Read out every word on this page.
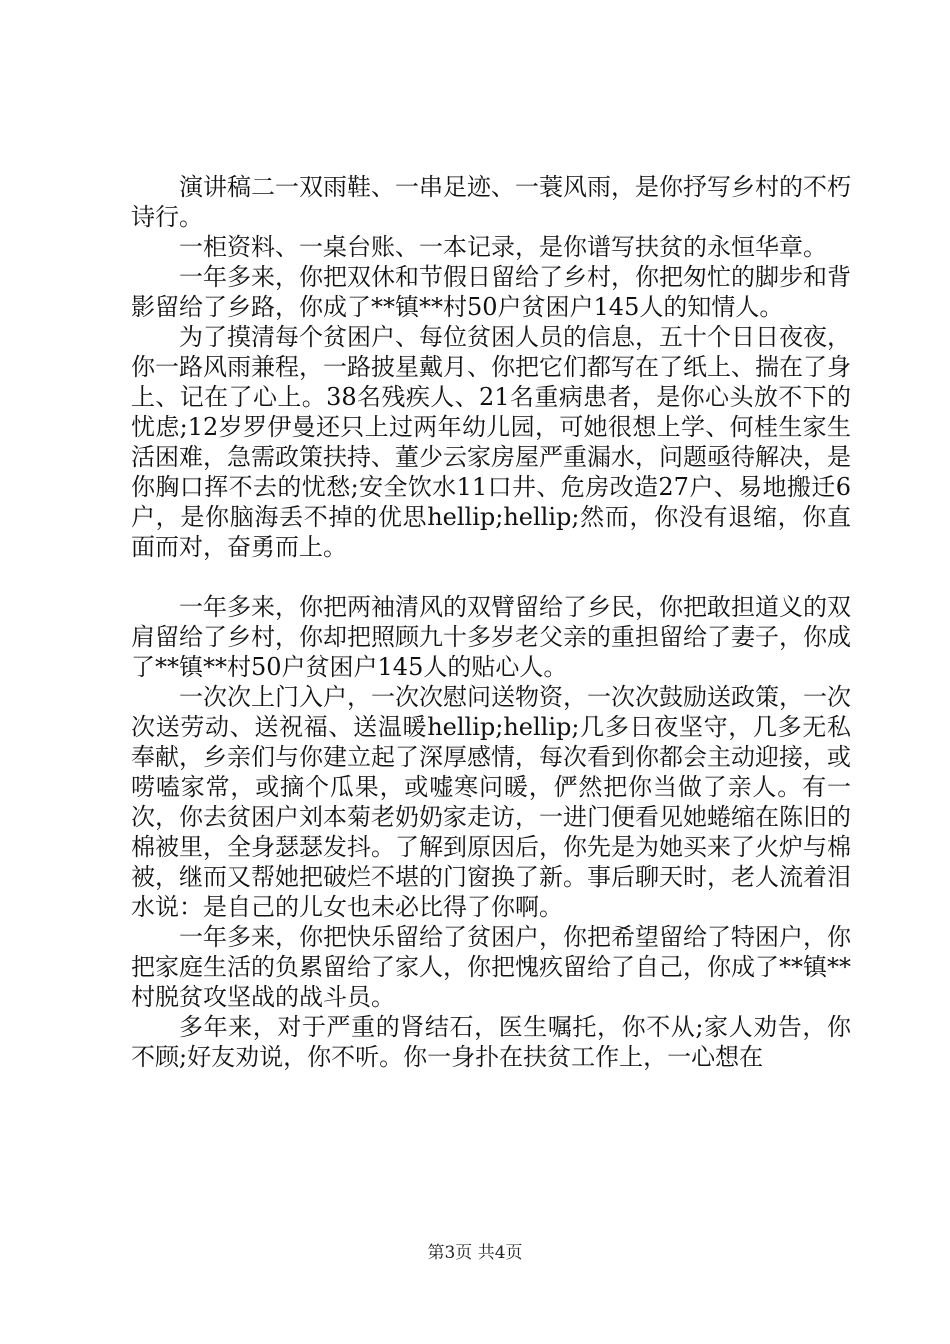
演讲稿二一双雨鞋、一串足迹、一蓑风雨，是你抒写乡村的不朽诗行。

一柜资料、一桌台账、一本记录，是你谱写扶贫的永恒华章。

一年多来，你把双休和节假日留给了乡村，你把匆忙的脚步和背影留给了乡路，你成了**镇**村50户贫困户145人的知情人。

为了摸清每个贫困户、每位贫困人员的信息，五十个日日夜夜，你一路风雨兼程，一路披星戴月、你把它们都写在了纸上、揣在了身上、记在了心上。38名残疾人、21名重病患者，是你心头放不下的忧虑;12岁罗伊曼还只上过两年幼儿园，可她很想上学、何桂生家生活困难，急需政策扶持、董少云家房屋严重漏水，问题亟待解决，是你胸口挥不去的忧愁;安全饮水11口井、危房改造27户、易地搬迁6户，是你脑海丢不掉的优思hellip;hellip;然而，你没有退缩，你直面而对，奋勇而上。

一年多来，你把两袖清风的双臂留给了乡民，你把敢担道义的双肩留给了乡村，你却把照顾九十多岁老父亲的重担留给了妻子，你成了**镇**村50户贫困户145人的贴心人。

一次次上门入户，一次次慰问送物资，一次次鼓励送政策，一次次送劳动、送祝福、送温暖hellip;hellip;几多日夜坚守，几多无私奉献，乡亲们与你建立起了深厚感情，每次看到你都会主动迎接，或唠嗑家常，或摘个瓜果，或嘘寒问暖，俨然把你当做了亲人。有一次，你去贫困户刘本菊老奶奶家走访，一进门便看见她蜷缩在陈旧的棉被里，全身瑟瑟发抖。了解到原因后，你先是为她买来了火炉与棉被，继而又帮她把破烂不堪的门窗换了新。事后聊天时，老人流着泪水说：是自己的儿女也未必比得了你啊。

一年多来，你把快乐留给了贫困户，你把希望留给了特困户，你把家庭生活的负累留给了家人，你把愧疚留给了自己，你成了**镇**村脱贫攻坚战的战斗员。

多年来，对于严重的肾结石，医生嘱托，你不从;家人劝告，你不顾;好友劝说，你不听。你一身扑在扶贫工作上，一心想在

第3页 共4页
